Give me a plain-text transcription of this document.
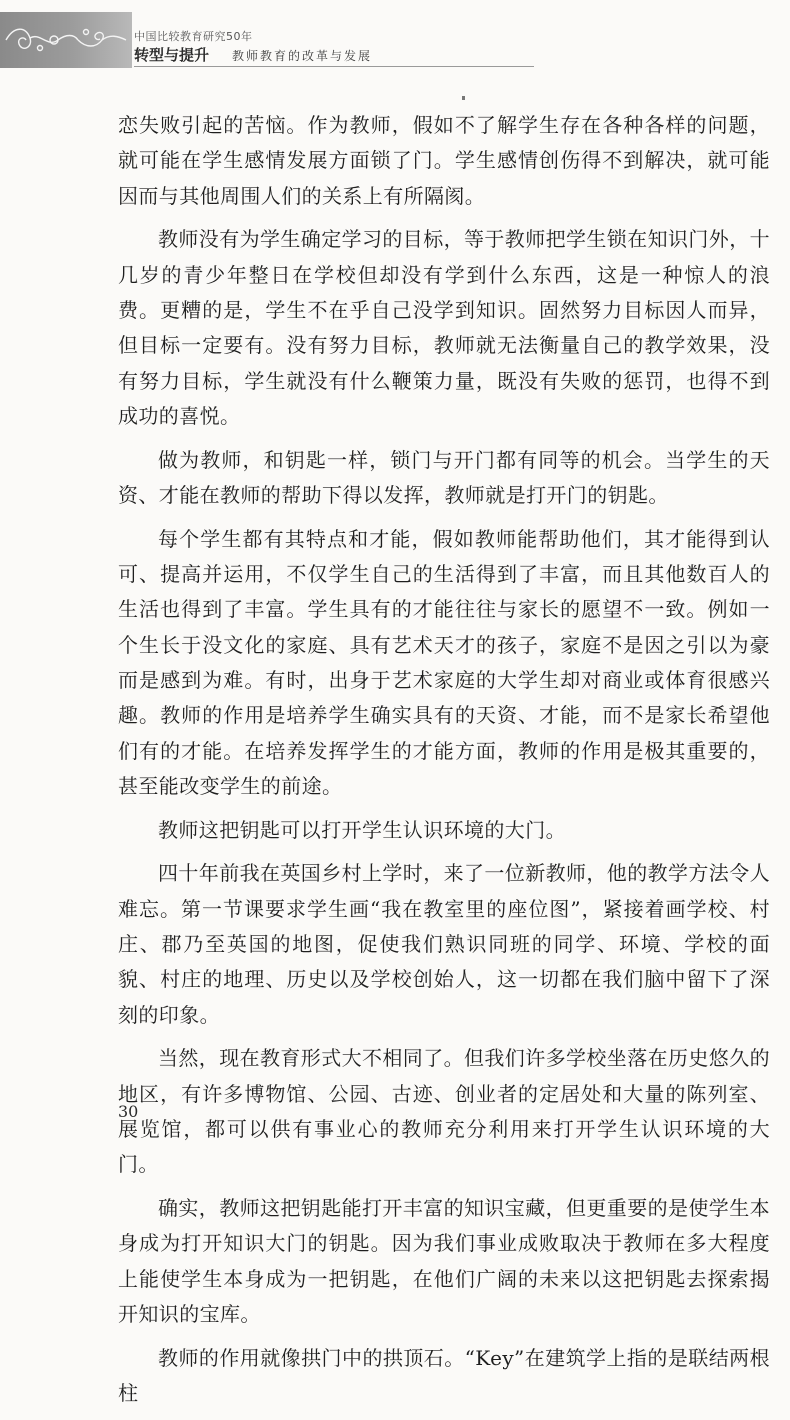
中国比较教育研究50年
转型与提升 教师教育的改革与发展

恋失败引起的苦恼。作为教师，假如不了解学生存在各种各样的问题，就可能在学生感情发展方面锁了门。学生感情创伤得不到解决，就可能因而与其他周围人们的关系上有所隔阂。

教师没有为学生确定学习的目标，等于教师把学生锁在知识门外，十几岁的青少年整日在学校但却没有学到什么东西，这是一种惊人的浪费。更糟的是，学生不在乎自己没学到知识。固然努力目标因人而异，但目标一定要有。没有努力目标，教师就无法衡量自己的教学效果，没有努力目标，学生就没有什么鞭策力量，既没有失败的惩罚，也得不到成功的喜悦。

做为教师，和钥匙一样，锁门与开门都有同等的机会。当学生的天资、才能在教师的帮助下得以发挥，教师就是打开门的钥匙。

每个学生都有其特点和才能，假如教师能帮助他们，其才能得到认可、提高并运用，不仅学生自己的生活得到了丰富，而且其他数百人的生活也得到了丰富。学生具有的才能往往与家长的愿望不一致。例如一个生长于没文化的家庭、具有艺术天才的孩子，家庭不是因之引以为豪而是感到为难。有时，出身于艺术家庭的大学生却对商业或体育很感兴趣。教师的作用是培养学生确实具有的天资、才能，而不是家长希望他们有的才能。在培养发挥学生的才能方面，教师的作用是极其重要的，甚至能改变学生的前途。

教师这把钥匙可以打开学生认识环境的大门。

四十年前我在英国乡村上学时，来了一位新教师，他的教学方法令人难忘。第一节课要求学生画“我在教室里的座位图”，紧接着画学校、村庄、郡乃至英国的地图，促使我们熟识同班的同学、环境、学校的面貌、村庄的地理、历史以及学校创始人，这一切都在我们脑中留下了深刻的印象。

当然，现在教育形式大不相同了。但我们许多学校坐落在历史悠久的地区，有许多博物馆、公园、古迹、创业者的定居处和大量的陈列室、展览馆，都可以供有事业心的教师充分利用来打开学生认识环境的大门。

确实，教师这把钥匙能打开丰富的知识宝藏，但更重要的是使学生本身成为打开知识大门的钥匙。因为我们事业成败取决于教师在多大程度上能使学生本身成为一把钥匙，在他们广阔的未来以这把钥匙去探索揭开知识的宝库。

教师的作用就像拱门中的拱顶石。“Key”在建筑学上指的是联结两根柱

30
